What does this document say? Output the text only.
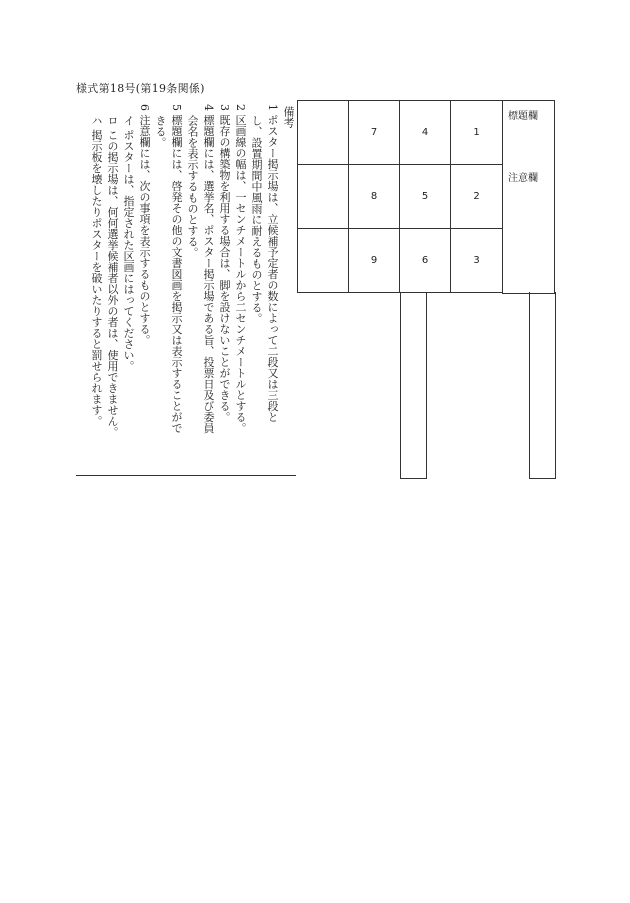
様式第18号(第19条関係)

備考

1 ポスター掲示場は、立候補予定者の数によって二段又は三段と

し、設置期間中風雨に耐えるものとする。

2 区画線の幅は、一センチメートルから二センチメートルとする。

3 既存の構築物を利用する場合は、脚を設けないことができる。

4 標題欄には、選挙名、ポスター掲示場である旨、投票日及び委員

会名を表示するものとする。

5 標題欄には、啓発その他の文書図画を掲示又は表示することがで

きる。

6 注意欄には、次の事項を表示するものとする。

イ ポスターは、指定された区画にはってください。

ロ この掲示場は、何何選挙候補者以外の者は、使用できません。

ハ 掲示板を壊したりポスターを破いたりすると罰せられます。	7	4	1
8	5	2
9	6	3
標題欄
注意欄
